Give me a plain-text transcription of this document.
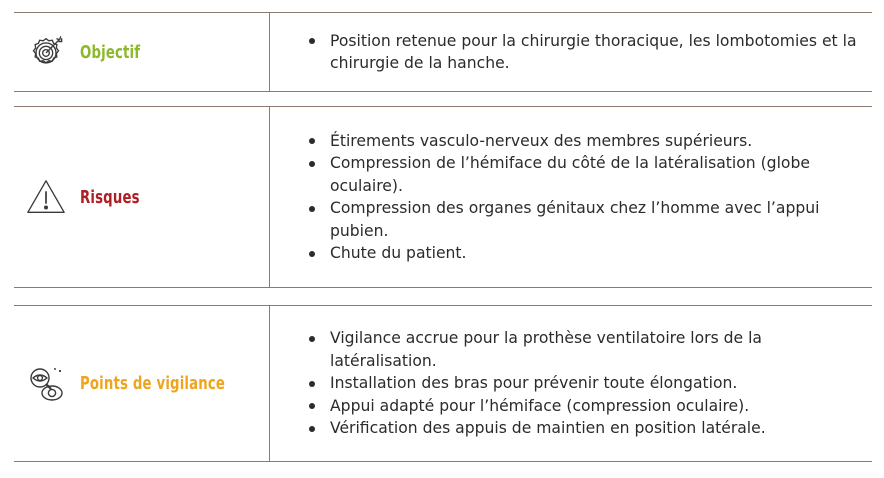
Objectif
Position retenue pour la chirurgie thoracique, les lombotomies et la chirurgie de la hanche.
Risques
Étirements vasculo-nerveux des membres supérieurs.
Compression de l’hémiface du côté de la latéralisation (globe oculaire).
Compression des organes génitaux chez l’homme avec l’appui pubien.
Chute du patient.
Points de vigilance
Vigilance accrue pour la prothèse ventilatoire lors de la latéralisation.
Installation des bras pour prévenir toute élongation.
Appui adapté pour l’hémiface (compression oculaire).
Vérification des appuis de maintien en position latérale.
